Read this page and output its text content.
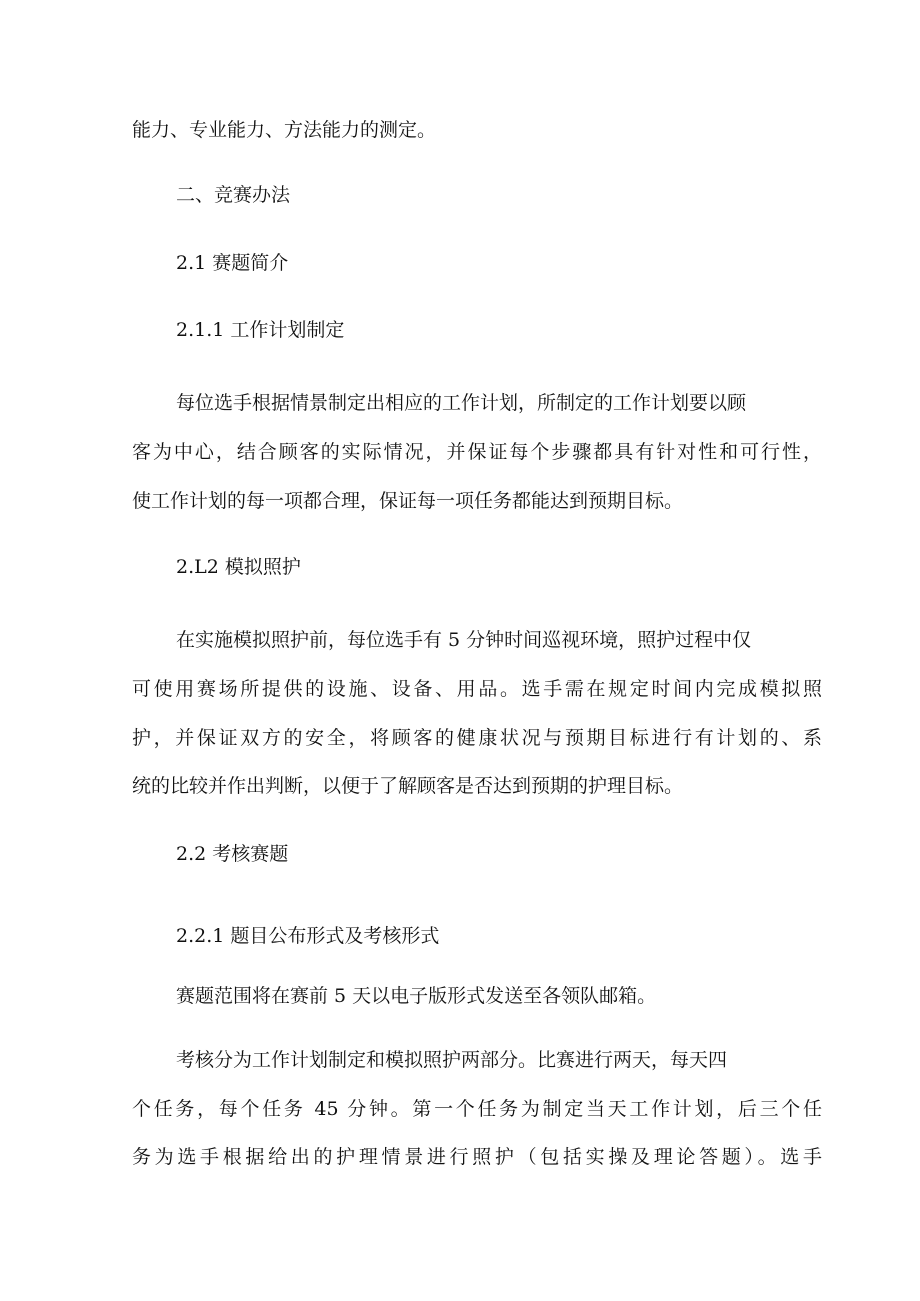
能力、专业能力、方法能力的测定。

二、竞赛办法

2.1 赛题简介

2.1.1 工作计划制定

每位选手根据情景制定出相应的工作计划，所制定的工作计划要以顾

客为中心，结合顾客的实际情况，并保证每个步骤都具有针对性和可行性，

使工作计划的每一项都合理，保证每一项任务都能达到预期目标。

2.L2 模拟照护

在实施模拟照护前，每位选手有 5 分钟时间巡视环境，照护过程中仅

可使用赛场所提供的设施、设备、用品。选手需在规定时间内完成模拟照

护，并保证双方的安全，将顾客的健康状况与预期目标进行有计划的、系

统的比较并作出判断，以便于了解顾客是否达到预期的护理目标。

2.2 考核赛题

2.2.1 题目公布形式及考核形式

赛题范围将在赛前 5 天以电子版形式发送至各领队邮箱。

考核分为工作计划制定和模拟照护两部分。比赛进行两天，每天四

个任务，每个任务 45 分钟。第一个任务为制定当天工作计划，后三个任

务为选手根据给出的护理情景进行照护（包括实操及理论答题）。选手
